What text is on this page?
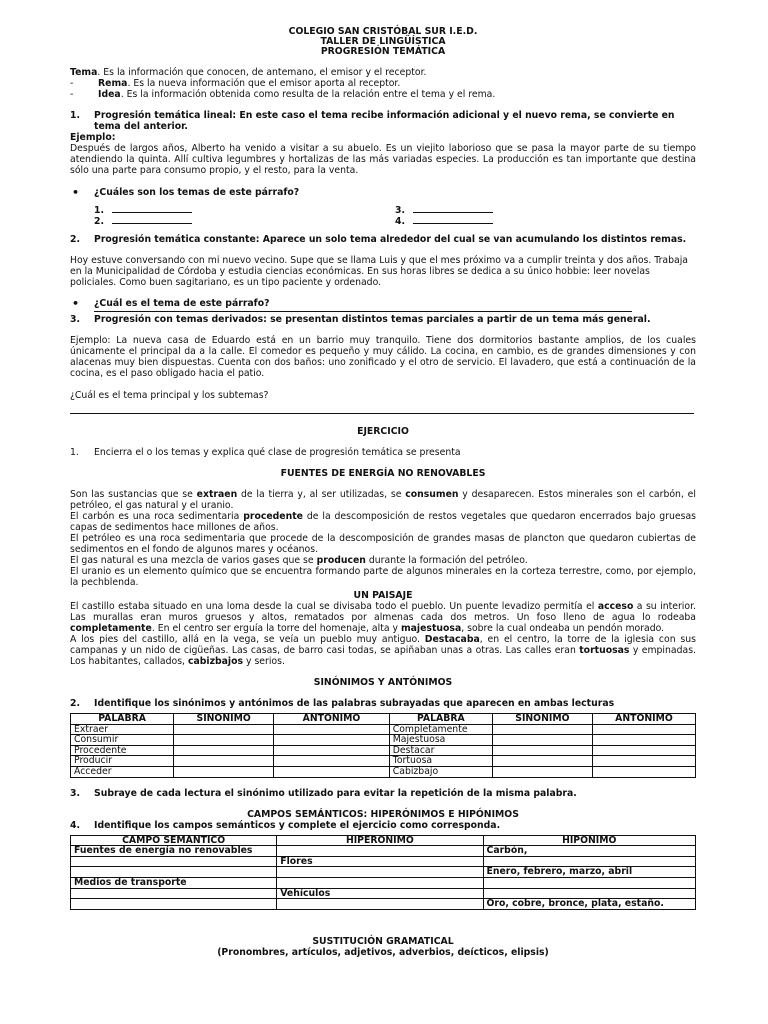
COLEGIO SAN CRISTÓBAL SUR I.E.D.
TALLER DE LINGÜÍSTICA
PROGRESIÓN TEMÁTICA

Tema. Es la información que conocen, de antemano, el emisor y el receptor.

-	Rema. Es la nueva información que el emisor aporta al receptor.

-	Idea. Es la información obtenida como resulta de la relación entre el tema y el rema.

1. Progresión temática lineal: En este caso el tema recibe información adicional y el nuevo rema, se convierte en tema del anterior.

Ejemplo:

Después de largos años, Alberto ha venido a visitar a su abuelo. Es un viejito laborioso que se pasa la mayor parte de su tiempo atendiendo la quinta. Allí cultiva legumbres y hortalizas de las más variadas especies. La producción es tan importante que destina sólo una parte para consumo propio, y el resto, para la venta.

• ¿Cuáles son los temas de este párrafo?

1.
2.
3.
4.

2. Progresión temática constante: Aparece un solo tema alrededor del cual se van acumulando los distintos remas.

Hoy estuve conversando con mi nuevo vecino. Supe que se llama Luis y que el mes próximo va a cumplir treinta y dos años. Trabaja en la Municipalidad de Córdoba y estudia ciencias económicas. En sus horas libres se dedica a su único hobbie: leer novelas policiales. Como buen sagitariano, es un tipo paciente y ordenado.

• ¿Cuál es el tema de este párrafo?

3. Progresión con temas derivados: se presentan distintos temas parciales a partir de un tema más general.

Ejemplo: La nueva casa de Eduardo está en un barrio muy tranquilo. Tiene dos dormitorios bastante amplios, de los cuales únicamente el principal da a la calle. El comedor es pequeño y muy cálido. La cocina, en cambio, es de grandes dimensiones y con alacenas muy bien dispuestas. Cuenta con dos baños: uno zonificado y el otro de servicio. El lavadero, que está a continuación de la cocina, es el paso obligado hacia el patio.

¿Cuál es el tema principal y los subtemas?

EJERCICIO

1. Encierra el o los temas y explica qué clase de progresión temática se presenta

FUENTES DE ENERGÍA NO RENOVABLES

Son las sustancias que se extraen de la tierra y, al ser utilizadas, se consumen y desaparecen. Estos minerales son el carbón, el petróleo, el gas natural y el uranio.

El carbón es una roca sedimentaria procedente de la descomposición de restos vegetales que quedaron encerrados bajo gruesas capas de sedimentos hace millones de años.

El petróleo es una roca sedimentaria que procede de la descomposición de grandes masas de plancton que quedaron cubiertas de sedimentos en el fondo de algunos mares y océanos.

El gas natural es una mezcla de varios gases que se producen durante la formación del petróleo.

El uranio es un elemento químico que se encuentra formando parte de algunos minerales en la corteza terrestre, como, por ejemplo, la pechblenda.

UN PAISAJE

El castillo estaba situado en una loma desde la cual se divisaba todo el pueblo. Un puente levadizo permitía el acceso a su interior. Las murallas eran muros gruesos y altos, rematados por almenas cada dos metros. Un foso lleno de agua lo rodeaba completamente. En el centro ser erguía la torre del homenaje, alta y majestuosa, sobre la cual ondeaba un pendón morado.

A los pies del castillo, allá en la vega, se veía un pueblo muy antiguo. Destacaba, en el centro, la torre de la iglesia con sus campanas y un nido de cigüeñas. Las casas, de barro casi todas, se apiñaban unas a otras. Las calles eran tortuosas y empinadas. Los habitantes, callados, cabizbajos y serios.

SINÓNIMOS Y ANTÓNIMOS

2. Identifique los sinónimos y antónimos de las palabras subrayadas que aparecen en ambas lecturas

PALABRA	SINONIMO	ANTONIMO	PALABRA	SINONIMO	ANTONIMO
Extraer			Completamente		
Consumir			Majestuosa		
Procedente			Destacar		
Producir			Tortuosa		
Acceder			Cabizbajo		

3. Subraye de cada lectura el sinónimo utilizado para evitar la repetición de la misma palabra.

CAMPOS SEMÁNTICOS: HIPERÓNIMOS E HIPÓNIMOS

4. Identifique los campos semánticos y complete el ejercicio como corresponda.

CAMPO SEMANTICO	HIPERONIMO	HIPONIMO
Fuentes de energía no renovables		Carbón,
	Flores	
		Enero, febrero, marzo, abril
Medios de transporte		
	Vehículos	
		Oro, cobre, bronce, plata, estaño.

SUSTITUCIÓN GRAMATICAL

(Pronombres, artículos, adjetivos, adverbios, deícticos, elipsis)
